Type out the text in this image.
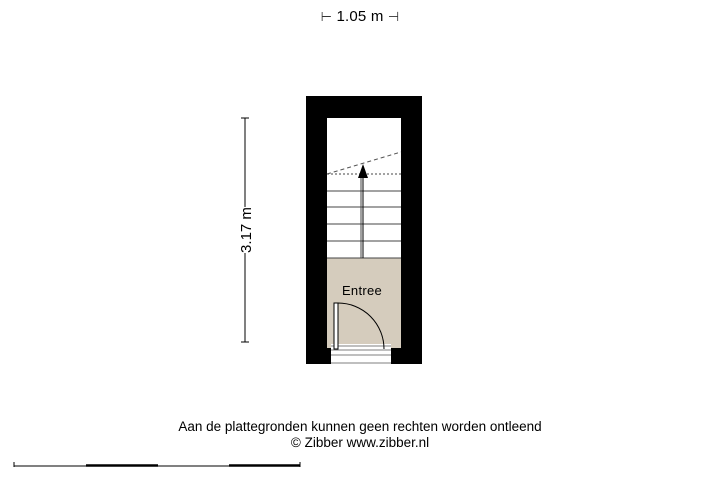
⊢ 1.05 m ⊣
Entree
3.17 m
Aan de plattegronden kunnen geen rechten worden ontleend
© Zibber www.zibber.nl
